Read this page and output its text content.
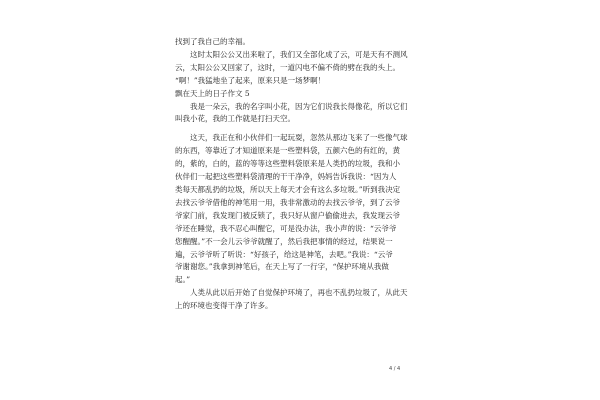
找到了我自己的幸福。
这时太阳公公又出来啦了，我们又全部化成了云，可是天有不测风
云，太阳公公又回家了，这时，一道闪电不偏不倚的劈在我的头上。
“啊！”我猛地坐了起来，原来只是一场梦啊！
飘在天上的日子作文 5
我是一朵云，我的名字叫小花，因为它们说我长得像花，所以它们
叫我小花，我的工作就是打扫天空。
这天，我正在和小伙伴们一起玩耍，忽然从那边飞来了一些像气球
的东西，等靠近了才知道原来是一些塑料袋，五颜六色的有红的，黄
的，紫的，白的，蓝的等等这些塑料袋原来是人类扔的垃圾，我和小
伙伴们一起把这些塑料袋清理的干干净净，妈妈告诉我说：“因为人
类每天都乱扔的垃圾，所以天上每天才会有这么多垃圾。”听到我决定
去找云爷爷借他的神笔用一用，我非常激动的去找云爷爷，到了云爷
爷家门前，我发现门被反锁了，我只好从窗户偷偷进去，我发现云爷
爷还在睡觉，我不忍心叫醒它，可是没办法，我小声的说：“云爷爷
您醒醒。”不一会儿云爷爷就醒了，然后我把事情的经过，结果说一
遍，云爷爷听了听说：“好孩子，给这是神笔，去吧。”我说：“云爷
爷谢谢您。”我拿到神笔后，在天上写了一行字，“保护环境从我做
起。”
人类从此以后开始了自觉保护环境了，再也不乱扔垃圾了，从此天
上的环境也变得干净了许多。
4 / 4
